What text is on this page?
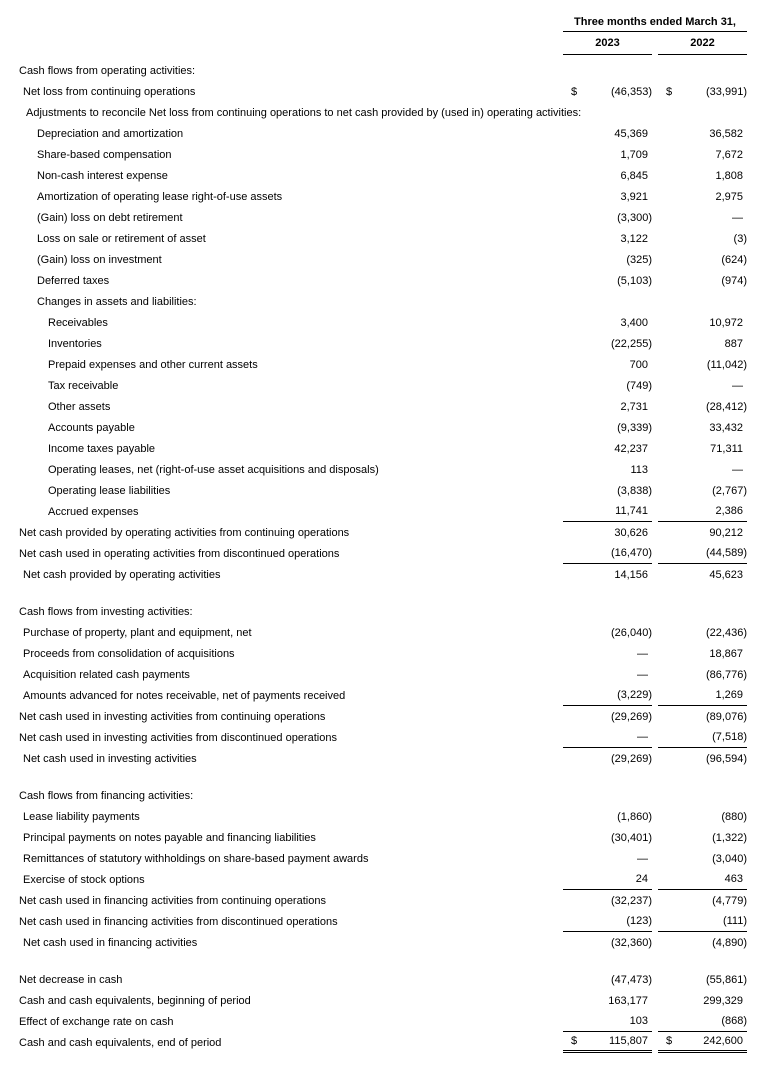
Three months ended March 31,
2023	2022
Cash flows from operating activities:
Net loss from continuing operations	$	(46,353) $	(33,991)
Adjustments to reconcile Net loss from continuing operations to net cash provided by (used in) operating activities:
Depreciation and amortization	45,369	36,582
Share-based compensation	1,709	7,672
Non-cash interest expense	6,845	1,808
Amortization of operating lease right-of-use assets	3,921	2,975
(Gain) loss on debt retirement	(3,300)	—
Loss on sale or retirement of asset	3,122	(3)
(Gain) loss on investment	(325)	(624)
Deferred taxes	(5,103)	(974)
Changes in assets and liabilities:
Receivables	3,400	10,972
Inventories	(22,255)	887
Prepaid expenses and other current assets	700	(11,042)
Tax receivable	(749)	—
Other assets	2,731	(28,412)
Accounts payable	(9,339)	33,432
Income taxes payable	42,237	71,311
Operating leases, net (right-of-use asset acquisitions and disposals)	113	—
Operating lease liabilities	(3,838)	(2,767)
Accrued expenses	11,741	2,386
Net cash provided by operating activities from continuing operations	30,626	90,212
Net cash used in operating activities from discontinued operations	(16,470)	(44,589)
Net cash provided by operating activities	14,156	45,623
Cash flows from investing activities:
Purchase of property, plant and equipment, net	(26,040)	(22,436)
Proceeds from consolidation of acquisitions	—	18,867
Acquisition related cash payments	—	(86,776)
Amounts advanced for notes receivable, net of payments received	(3,229)	1,269
Net cash used in investing activities from continuing operations	(29,269)	(89,076)
Net cash used in investing activities from discontinued operations	—	(7,518)
Net cash used in investing activities	(29,269)	(96,594)
Cash flows from financing activities:
Lease liability payments	(1,860)	(880)
Principal payments on notes payable and financing liabilities	(30,401)	(1,322)
Remittances of statutory withholdings on share-based payment awards	—	(3,040)
Exercise of stock options	24	463
Net cash used in financing activities from continuing operations	(32,237)	(4,779)
Net cash used in financing activities from discontinued operations	(123)	(111)
Net cash used in financing activities	(32,360)	(4,890)
Net decrease in cash	(47,473)	(55,861)
Cash and cash equivalents, beginning of period	163,177	299,329
Effect of exchange rate on cash	103	(868)
Cash and cash equivalents, end of period	$	115,807	$	242,600
